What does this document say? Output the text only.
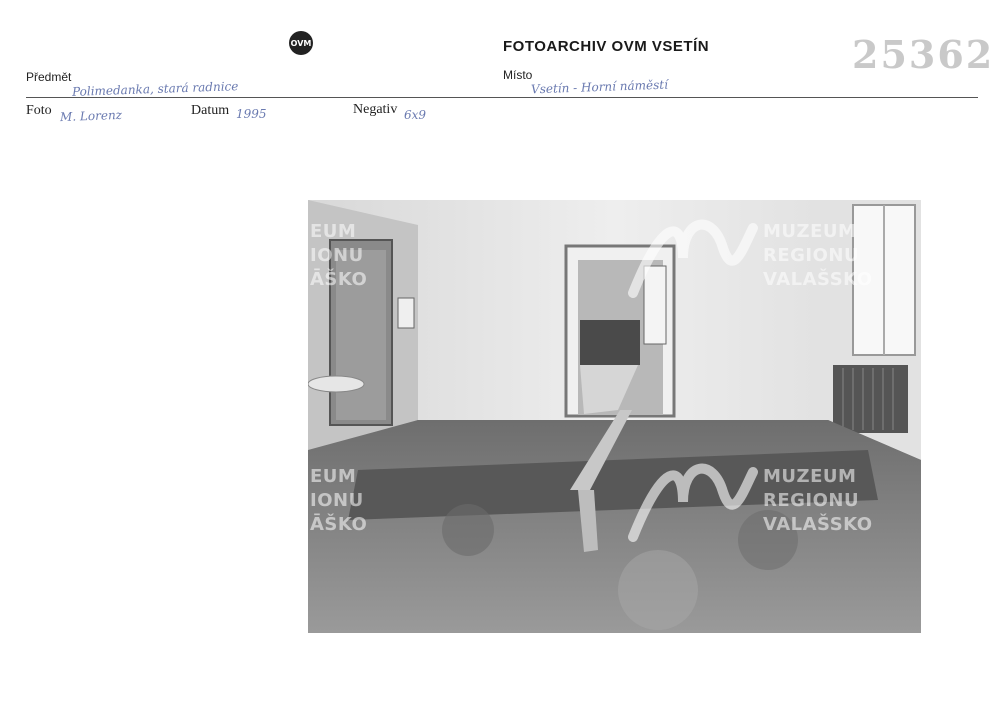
OVM	FOTOARCHIV OVM VSETÍN	25362
Předmět
Polimedanka, stará radnice
Místo
Vsetín - Horní náměstí
Foto M. Lorenz	Datum 1995	Negativ 6x9
MUZEUM
REGIONU
VALAŠSKO
MUZEUM
REGIONU
VALAŠSKO
EUM
IONU
ĀŠKO
EUM
IONU
ĀŠKO
